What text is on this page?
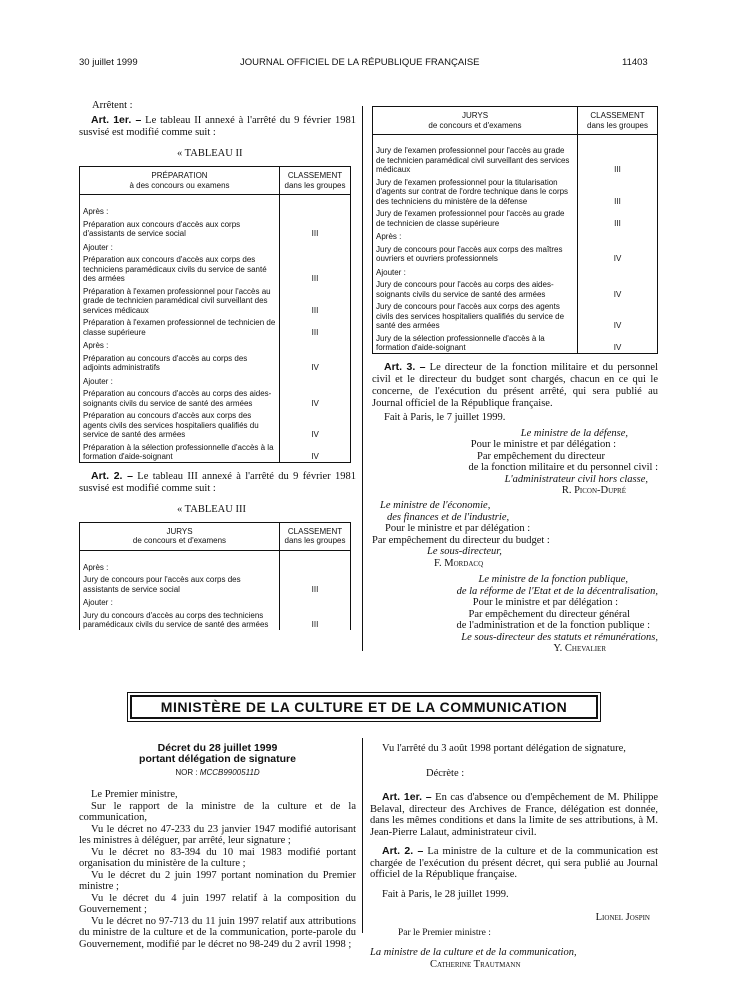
30 juillet 1999	JOURNAL OFFICIEL DE LA RÉPUBLIQUE FRANÇAISE	11403

Arrêtent :

Art. 1er. – Le tableau II annexé à l'arrêté du 9 février 1981 susvisé est modifié comme suit :

« TABLEAU II

PRÉPARATION
à des concours ou examens	CLASSEMENT
dans les groupes

Après :	
Préparation aux concours d'accès aux corps d'assistants de service social	III
Ajouter :	
Préparation aux concours d'accès aux corps des techniciens paramédicaux civils du service de santé des armées	III
Préparation à l'examen professionnel pour l'accès au grade de technicien paramédical civil surveillant des services médicaux	III
Préparation à l'examen professionnel de technicien de classe supérieure	III
Après :	
Préparation au concours d'accès au corps des adjoints administratifs	IV
Ajouter :	
Préparation au concours d'accès au corps des aides-soignants civils du service de santé des armées	IV
Préparation au concours d'accès aux corps des agents civils des services hospitaliers qualifiés du service de santé des armées	IV
Préparation à la sélection professionnelle d'accès à la formation d'aide-soignant	IV

Art. 2. – Le tableau III annexé à l'arrêté du 9 février 1981 susvisé est modifié comme suit :

« TABLEAU III

JURYS
de concours et d'examens	CLASSEMENT
dans les groupes

Après :	
Jury de concours pour l'accès aux corps des assistants de service social	III
Ajouter :	
Jury du concours d'accès au corps des techniciens paramédicaux civils du service de santé des armées	III
JURYS
de concours et d'examens	CLASSEMENT
dans les groupes

Jury de l'examen professionnel pour l'accès au grade de technicien paramédical civil surveillant des services médicaux	III
Jury de l'examen professionnel pour la titularisation d'agents sur contrat de l'ordre technique dans le corps des techniciens du ministère de la défense	III
Jury de l'examen professionnel pour l'accès au grade de technicien de classe supérieure	III
Après :	
Jury de concours pour l'accès aux corps des maîtres ouvriers et ouvriers professionnels	IV
Ajouter :	
Jury de concours pour l'accès au corps des aides-soignants civils du service de santé des armées	IV
Jury de concours pour l'accès aux corps des agents civils des services hospitaliers qualifiés du service de santé des armées	IV
Jury de la sélection professionnelle d'accès à la formation d'aide-soignant	IV

Art. 3. – Le directeur de la fonction militaire et du personnel civil et le directeur du budget sont chargés, chacun en ce qui le concerne, de l'exécution du présent arrêté, qui sera publié au Journal officiel de la République française.

Fait à Paris, le 7 juillet 1999.

Le ministre de la défense,

Pour le ministre et par délégation :

Par empêchement du directeur

de la fonction militaire et du personnel civil :

L'administrateur civil hors classe,

R. Picon-Dupré

Le ministre de l'économie,

des finances et de l'industrie,

Pour le ministre et par délégation :

Par empêchement du directeur du budget :

Le sous-directeur,

F. Mordacq

Le ministre de la fonction publique,

de la réforme de l'Etat et de la décentralisation,

Pour le ministre et par délégation :

Par empêchement du directeur général

de l'administration et de la fonction publique :

Le sous-directeur des statuts et rémunérations,

Y. Chevalier

MINISTÈRE DE LA CULTURE ET DE LA COMMUNICATION

Décret du 28 juillet 1999

portant délégation de signature

NOR : MCCB9900511D

Le Premier ministre,

Sur le rapport de la ministre de la culture et de la communication,

Vu le décret no 47-233 du 23 janvier 1947 modifié autorisant les ministres à déléguer, par arrêté, leur signature ;

Vu le décret no 83-394 du 10 mai 1983 modifié portant organisation du ministère de la culture ;

Vu le décret du 2 juin 1997 portant nomination du Premier ministre ;

Vu le décret du 4 juin 1997 relatif à la composition du Gouvernement ;

Vu le décret no 97-713 du 11 juin 1997 relatif aux attributions du ministre de la culture et de la communication, porte-parole du Gouvernement, modifié par le décret no 98-249 du 2 avril 1998 ;

Vu l'arrêté du 3 août 1998 portant délégation de signature,

Décrète :

Art. 1er. – En cas d'absence ou d'empêchement de M. Philippe Belaval, directeur des Archives de France, délégation est donnée, dans les mêmes conditions et dans la limite de ses attributions, à M. Jean-Pierre Lalaut, administrateur civil.

Art. 2. – La ministre de la culture et de la communication est chargée de l'exécution du présent décret, qui sera publié au Journal officiel de la République française.

Fait à Paris, le 28 juillet 1999.

Lionel Jospin

Par le Premier ministre :

La ministre de la culture et de la communication,

Catherine Trautmann
